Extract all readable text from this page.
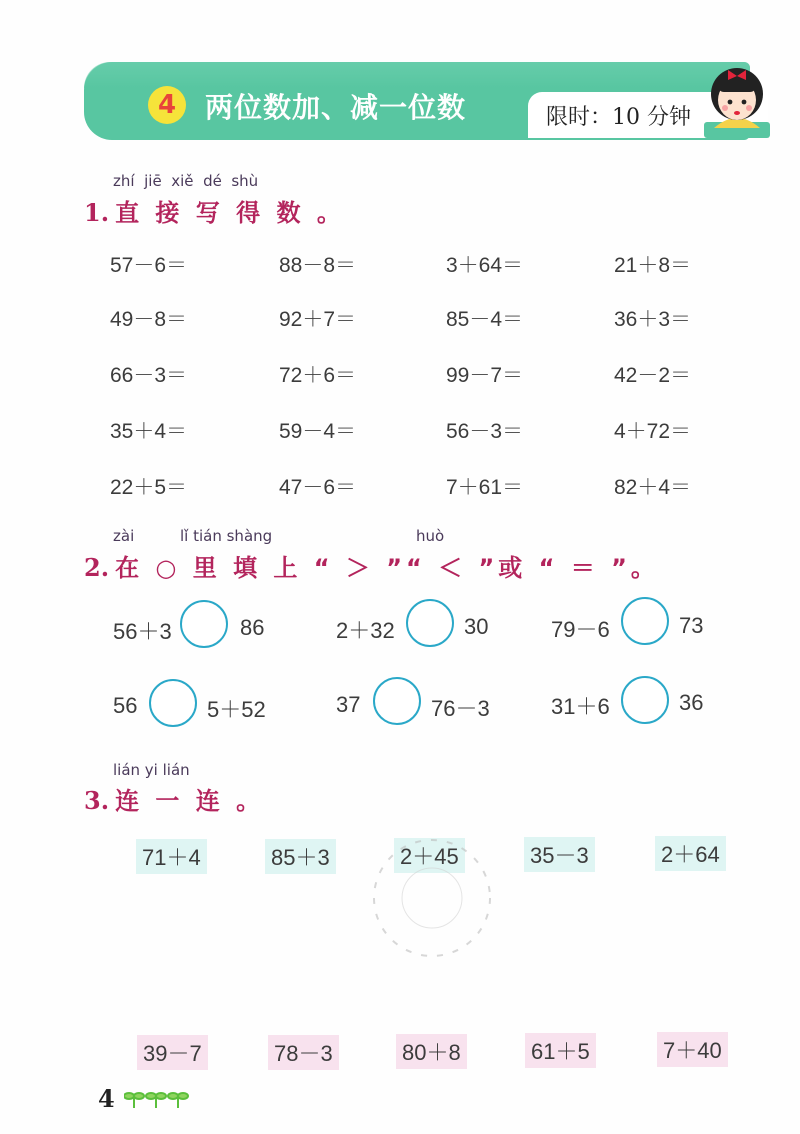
4	两位数加、减一位数	限时：10 分钟
zhí jiē xiě dé shù
1. 直 接 写 得 数 。
57－6＝	88－8＝	3＋64＝	21＋8＝
49－8＝	92＋7＝	85－4＝	36＋3＝
66－3＝	72＋6＝	99－7＝	42－2＝
35＋4＝	59－4＝	56－3＝	4＋72＝
22＋5＝	47－6＝	7＋61＝	82＋4＝
zài	lǐ tián shàng	huò
2. 在 ○ 里 填 上 “ ＞ ”“ ＜ ”或 “ ＝ ”。
56＋3	86	2＋32	30	79－6	73
56	5＋52	37	76－3	31＋6	36
lián yi lián
3. 连 一 连 。
71＋4	85＋3	2＋45	35－3	2＋64
39－7	78－3	80＋8	61＋5	7＋40
4
